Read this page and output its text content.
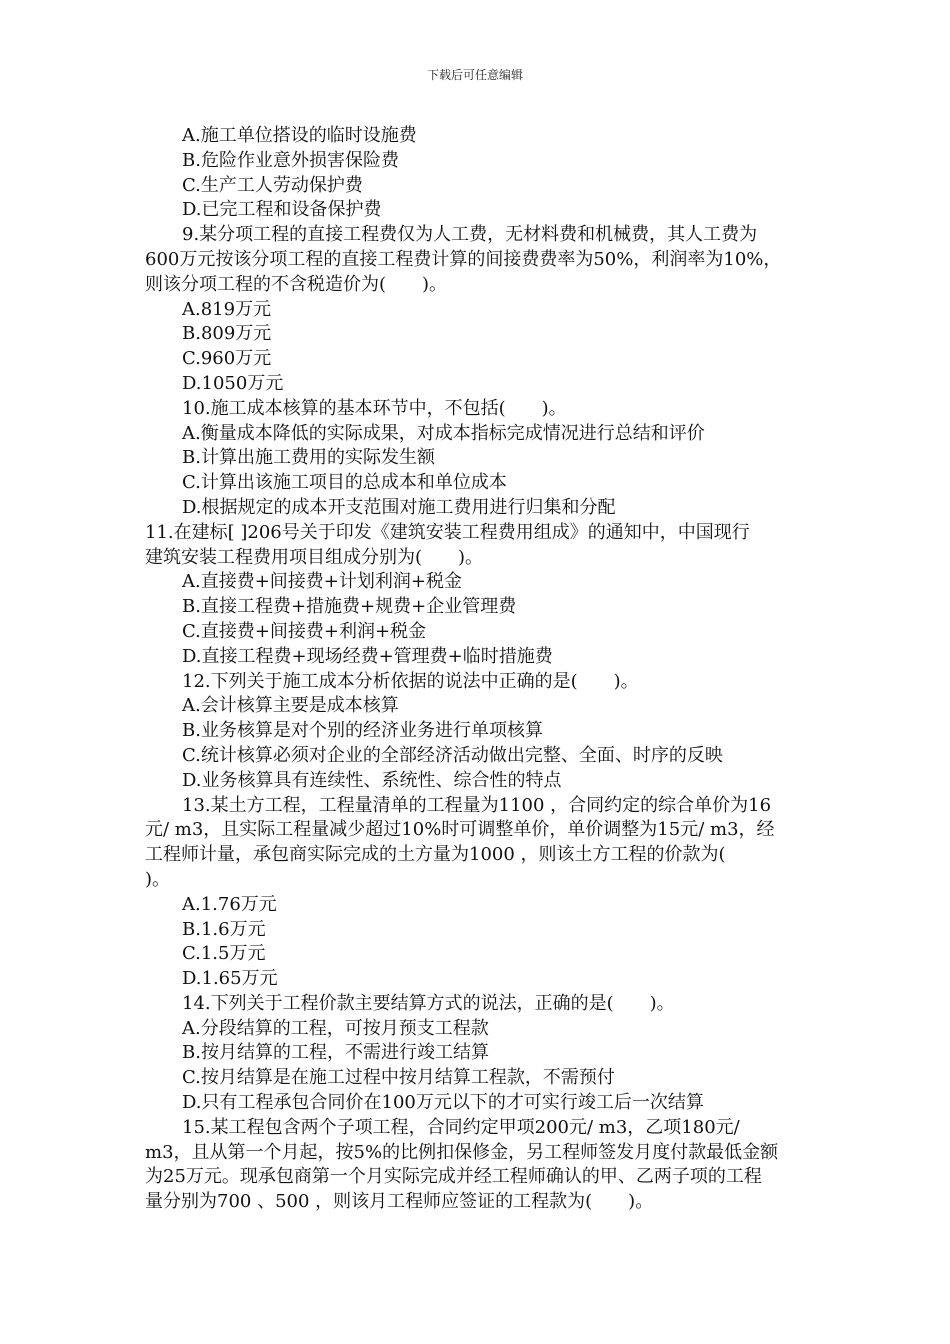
下载后可任意编辑
A.施工单位搭设的临时设施费
B.危险作业意外损害保险费
C.生产工人劳动保护费
D.已完工程和设备保护费
9.某分项工程的直接工程费仅为人工费，无材料费和机械费，其人工费为
600万元按该分项工程的直接工程费计算的间接费费率为50%，利润率为10%，
则该分项工程的不含税造价为(　　)。
A.819万元
B.809万元
C.960万元
D.1050万元
10.施工成本核算的基本环节中，不包括(　　)。
A.衡量成本降低的实际成果，对成本指标完成情况进行总结和评价
B.计算出施工费用的实际发生额
C.计算出该施工项目的总成本和单位成本
D.根据规定的成本开支范围对施工费用进行归集和分配
11.在建标[ ]206号关于印发《建筑安装工程费用组成》的通知中，中国现行
建筑安装工程费用项目组成分别为(　　)。
A.直接费+间接费+计划利润+税金
B.直接工程费+措施费+规费+企业管理费
C.直接费+间接费+利润+税金
D.直接工程费+现场经费+管理费+临时措施费
12.下列关于施工成本分析依据的说法中正确的是(　　)。
A.会计核算主要是成本核算
B.业务核算是对个别的经济业务进行单项核算
C.统计核算必须对企业的全部经济活动做出完整、全面、时序的反映
D.业务核算具有连续性、系统性、综合性的特点
13.某土方工程，工程量清单的工程量为1100 ，合同约定的综合单价为16
元/ m3，且实际工程量减少超过10%时可调整单价，单价调整为15元/ m3，经
工程师计量，承包商实际完成的土方量为1000 ，则该土方工程的价款为(
)。
A.1.76万元
B.1.6万元
C.1.5万元
D.1.65万元
14.下列关于工程价款主要结算方式的说法，正确的是(　　)。
A.分段结算的工程，可按月预支工程款
B.按月结算的工程，不需进行竣工结算
C.按月结算是在施工过程中按月结算工程款，不需预付
D.只有工程承包合同价在100万元以下的才可实行竣工后一次结算
15.某工程包含两个子项工程，合同约定甲项200元/ m3，乙项180元/
m3，且从第一个月起，按5%的比例扣保修金，另工程师签发月度付款最低金额
为25万元。现承包商第一个月实际完成并经工程师确认的甲、乙两子项的工程
量分别为700 、500 ，则该月工程师应签证的工程款为(　　)。
